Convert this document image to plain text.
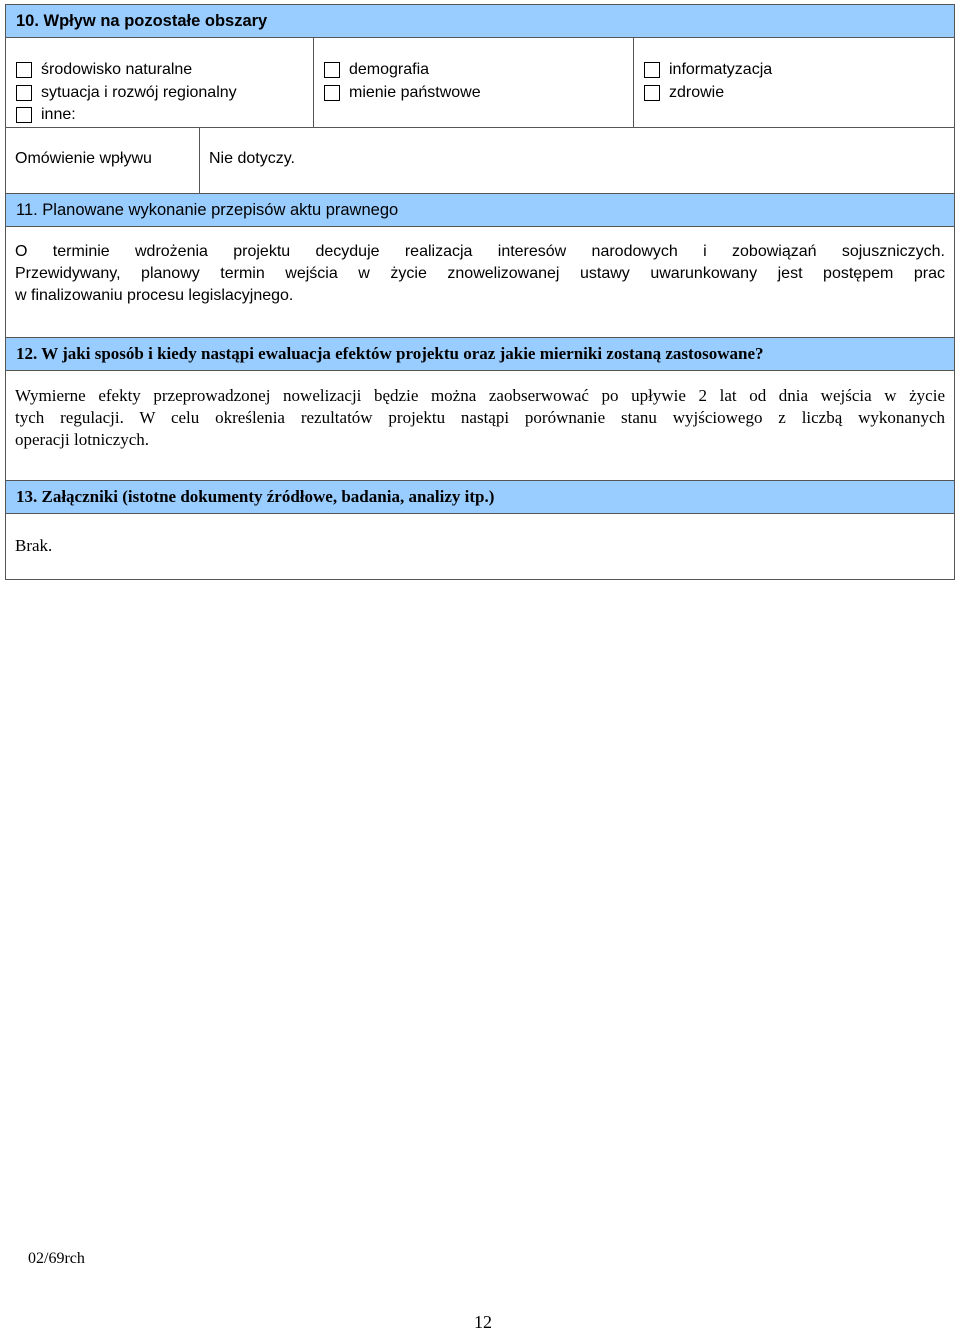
10. Wpływ na pozostałe obszary
środowisko naturalne
sytuacja i rozwój regionalny
inne:
demografia
mienie państwowe
informatyzacja
zdrowie
Omówienie wpływu	Nie dotyczy.
11. Planowane wykonanie przepisów aktu prawnego

O terminie wdrożenia projektu decyduje realizacja interesów narodowych i zobowiązań sojuszniczych.

Przewidywany, planowy termin wejścia w życie znowelizowanej ustawy uwarunkowany jest postępem prac

w finalizowaniu procesu legislacyjnego.

12. W jaki sposób i kiedy nastąpi ewaluacja efektów projektu oraz jakie mierniki zostaną zastosowane?

Wymierne efekty przeprowadzonej nowelizacji będzie można zaobserwować po upływie 2 lat od dnia wejścia w życie

tych regulacji. W celu określenia rezultatów projektu nastąpi porównanie stanu wyjściowego z liczbą wykonanych

operacji lotniczych.

13. Załączniki (istotne dokumenty źródłowe, badania, analizy itp.)

Brak.

02/69rch
12
